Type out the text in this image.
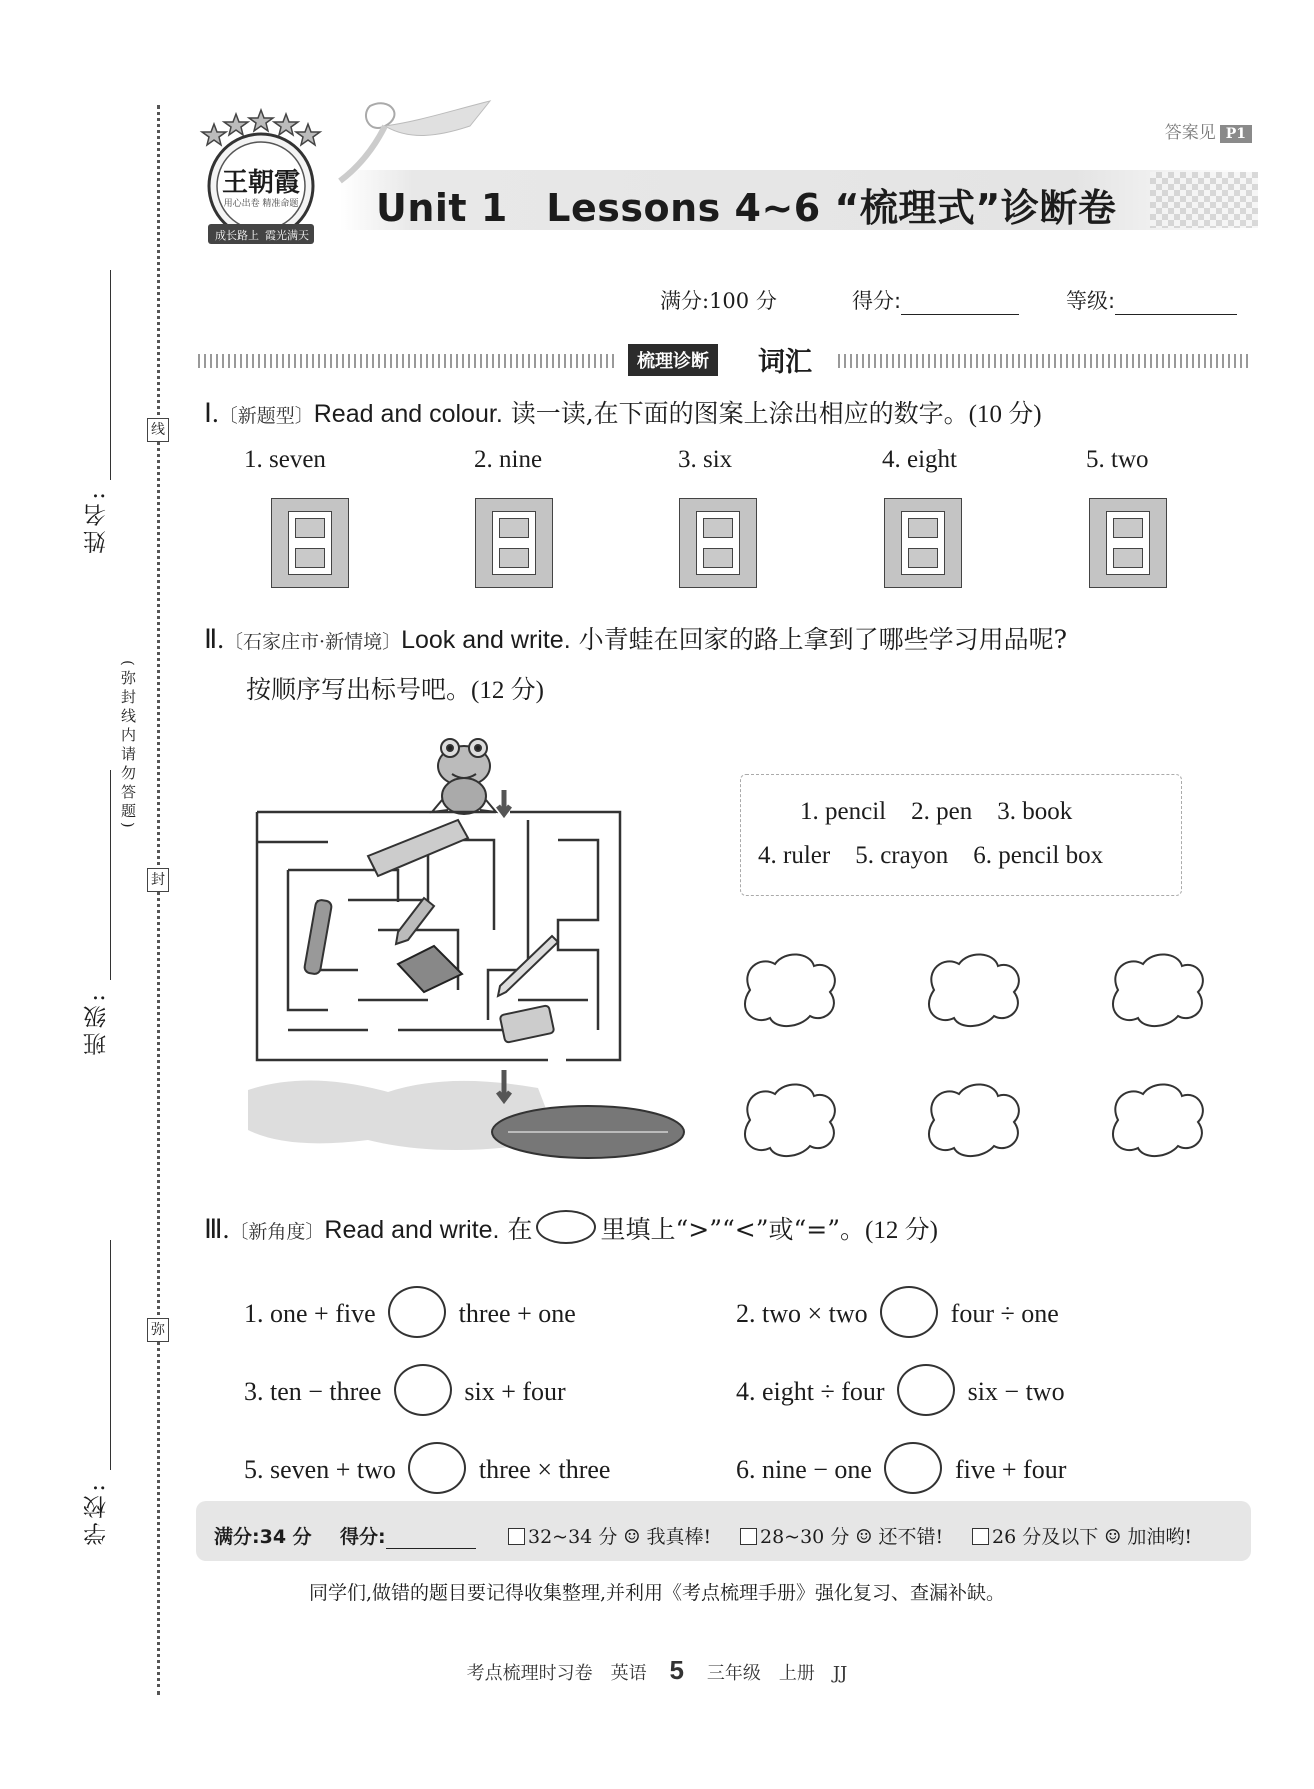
线
封
弥
姓名:
班级:
学校:
(弥封线内请勿答题)
答案见 P1
王朝霞
用心出卷 精准命题
成长路上 霞光满天
Unit 1　Lessons 4~6 “梳理式”诊断卷
满分:100 分	得分:	等级:
梳理诊断	词汇
Ⅰ.〔新题型〕Read and colour. 读一读,在下面的图案上涂出相应的数字。(10 分)
1. seven	2. nine	3. six	4. eight	5. two
Ⅱ.〔石家庄市·新情境〕Look and write. 小青蛙在回家的路上拿到了哪些学习用品呢?
按顺序写出标号吧。(12 分)
1. pencil 2. pen 3. book
4. ruler 5. crayon 6. pencil box
Ⅲ.〔新角度〕Read and write. 在	里填上“>”“<”或“=”。(12 分)
1. one + five	three + one	2. two × two	four ÷ one
3. ten − three	six + four	4. eight ÷ four	six − two
5. seven + two	three × three	6. nine − one	five + four
满分:34 分 得分:	32~34 分 ☺ 我真棒!	28~30 分 ☺ 还不错!	26 分及以下 ☺ 加油哟!
同学们,做错的题目要记得收集整理,并利用《考点梳理手册》强化复习、查漏补缺。
考点梳理时习卷　英语 5 三年级　上册　JJ
